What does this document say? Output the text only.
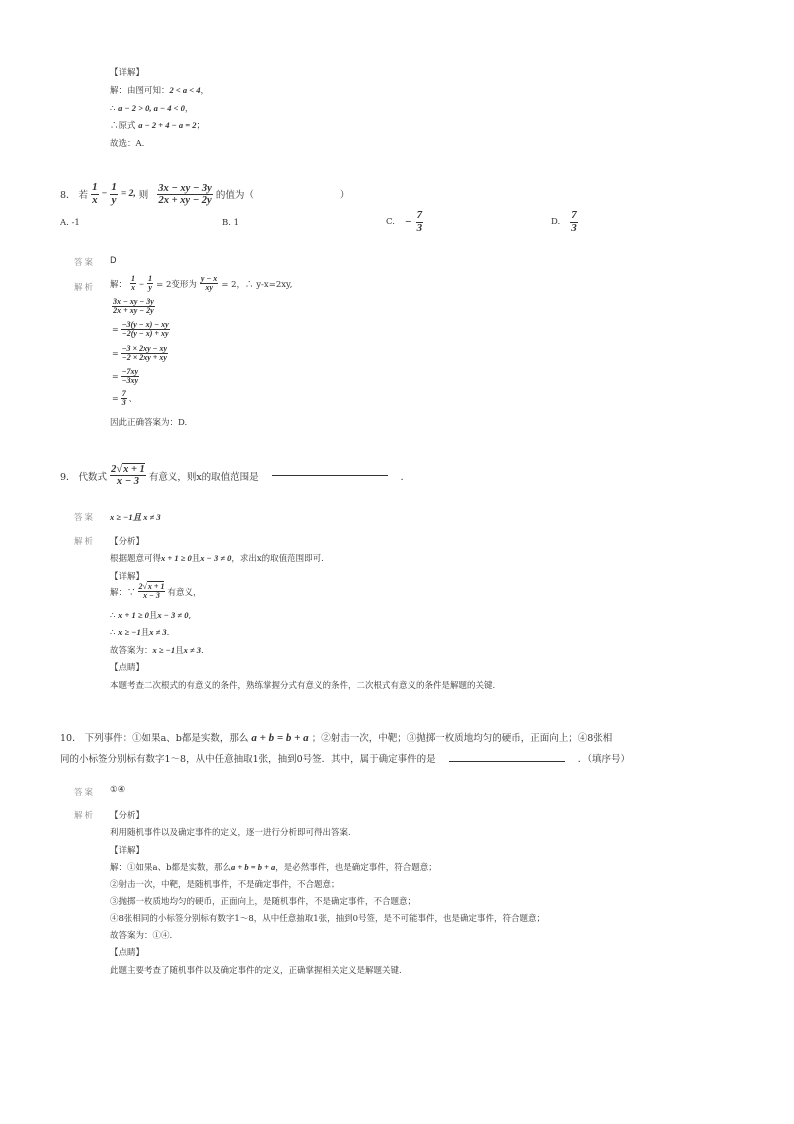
【详解】
解：由图可知：2 < a < 4，
∴ a − 2 > 0, a − 4 < 0，
∴原式 a − 2 + 4 − a = 2；
故选：A.
8． 若 $\frac{1}{x} - \frac{1}{y} = 2$, 则 $\frac{3x - xy - 3y}{2x + xy - 2y}$ 的值为（	）
A. -1	B. 1	C. − $\frac{7}{3}$	D. $\frac{7}{3}$
答案 D
解析 解： $\frac{1}{x} - \frac{1}{y} = 2$变形为 $\frac{y - x}{xy} = 2$，∴ y-x=2xy,
$\frac{3x - xy - 3y}{2x + xy - 2y}$
= $\frac{-3(y - x) - xy}{-2(y - x) + xy}$
= $\frac{-3 \times 2xy - xy}{-2 \times 2xy + xy}$
= $\frac{-7xy}{-3xy}$
= $\frac{7}{3}$ 、
因此正确答案为：D.
9． 代数式 $\frac{2√x + 1}{x - 3}$ 有意义，则x的取值范围是	．
答案 x ≥ −1且 x ≠ 3
解析 【分析】
根据题意可得x + 1 ≥ 0且x − 3 ≠ 0，求出x的取值范围即可.
【详解】
解：∵ $\frac{2√x + 1}{x - 3}$ 有意义，
∴ x + 1 ≥ 0且x − 3 ≠ 0,
∴ x ≥ −1且x ≠ 3.
故答案为：x ≥ −1且x ≠ 3.
【点睛】
本题考查二次根式的有意义的条件，熟练掌握分式有意义的条件，二次根式有意义的条件是解题的关键.
10． 下列事件：①如果a、b都是实数，那么 a + b = b + a ；②射击一次，中靶；③抛掷一枚质地均匀的硬币，正面向上；④8张相
同的小标签分别标有数字1～8，从中任意抽取1张，抽到0号签．其中，属于确定事件的是	．（填序号）
答案 ①④
解析 【分析】
利用随机事件以及确定事件的定义，逐一进行分析即可得出答案.
【详解】
解：①如果a、b都是实数，那么a + b = b + a，是必然事件，也是确定事件，符合题意；
②射击一次，中靶，是随机事件，不是确定事件，不合题意；
③抛掷一枚质地均匀的硬币，正面向上，是随机事件，不是确定事件，不合题意；
④8张相同的小标签分别标有数字1～8，从中任意抽取1张，抽到0号签，是不可能事件，也是确定事件，符合题意；
故答案为：①④.
【点睛】
此题主要考查了随机事件以及确定事件的定义，正确掌握相关定义是解题关键.
